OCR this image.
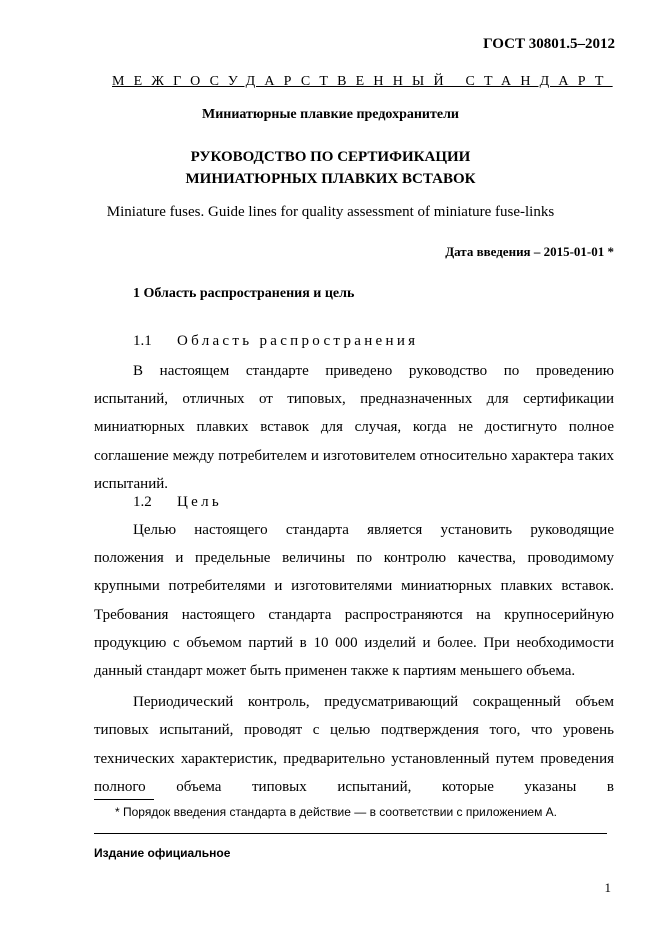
ГОСТ 30801.5–2012
МЕЖГОСУДАРСТВЕННЫЙ СТАНДАРТ
Миниатюрные плавкие предохранители
РУКОВОДСТВО ПО СЕРТИФИКАЦИИ
МИНИАТЮРНЫХ ПЛАВКИХ ВСТАВОК
Miniature fuses. Guide lines for quality assessment of miniature fuse-links
Дата введения – 2015-01-01 *
1 Область распространения и цель
1.1 Область распространения

В настоящем стандарте приведено руководство по проведению испытаний, отличных от типовых, предназначенных для сертификации миниатюрных плавких вставок для случая, когда не достигнуто полное соглашение между потребителем и изготовителем относительно характера таких испытаний.

1.2 Цель

Целью настоящего стандарта является установить руководящие положения и предельные величины по контролю качества, проводимому крупными потребителями и изготовителями миниатюрных плавких вставок. Требования настоящего стандарта распространяются на крупносерийную продукцию с объемом партий в 10 000 изделий и более. При необходимости данный стандарт может быть применен также к партиям меньшего объема.

Периодический контроль, предусматривающий сокращенный объем типовых испытаний, проводят с целью подтверждения того, что уровень технических характеристик, предварительно установленный путем проведения полного объема типовых испытаний, которые указаны в

* Порядок введения стандарта в действие — в соответствии с приложением А.
Издание официальное
1
